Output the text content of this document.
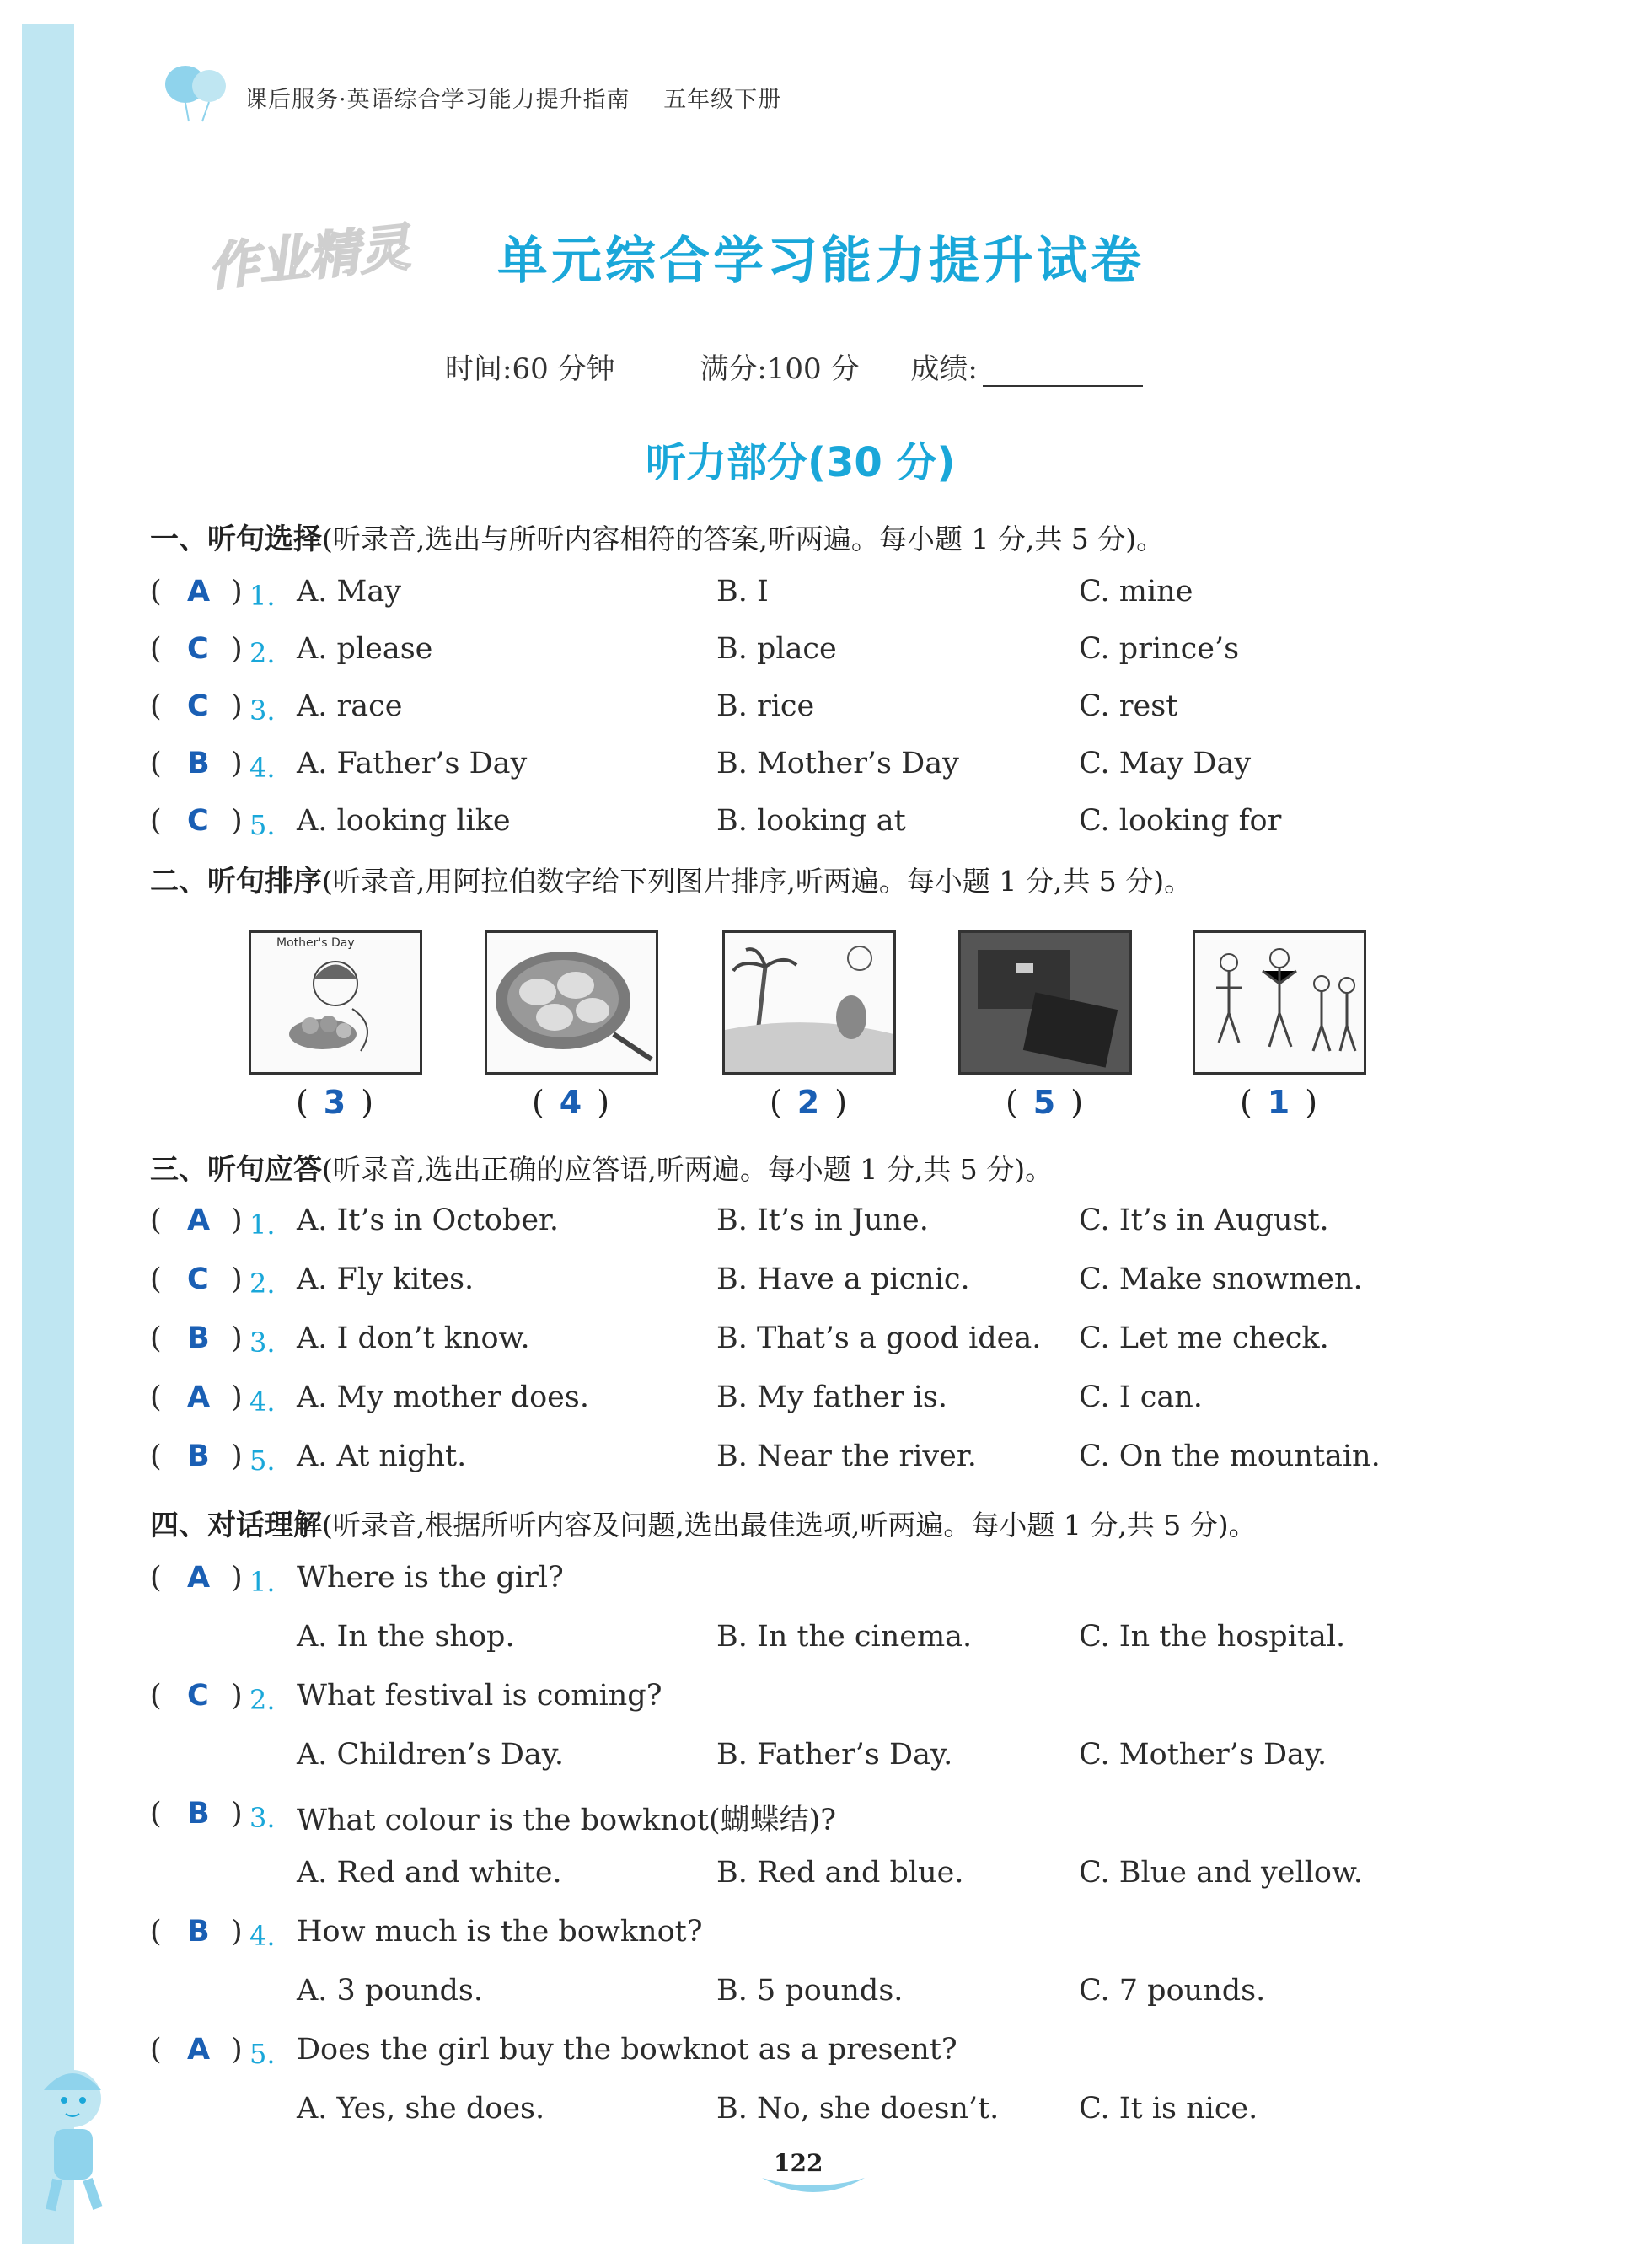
课后服务·英语综合学习能力提升指南 五年级下册
作业精灵 单元综合学习能力提升试卷
时间:60 分钟	满分:100 分 成绩:
听力部分(30 分)
一、听句选择(听录音,选出与所听内容相符的答案,听两遍。每小题 1 分,共 5 分)。
( A ) 1. A. May	B. I	C. mine
( C ) 2. A. please	B. place	C. prince’s
( C ) 3. A. race	B. rice	C. rest
( B ) 4. A. Father’s Day	B. Mother’s Day	C. May Day
( C ) 5. A. looking like	B. looking at	C. looking for
二、听句排序(听录音,用阿拉伯数字给下列图片排序,听两遍。每小题 1 分,共 5 分)。
Mother's Day
( 3 )	( 4 )	( 2 )	( 5 )	( 1 )
三、听句应答(听录音,选出正确的应答语,听两遍。每小题 1 分,共 5 分)。
( A ) 1. A. It’s in October.	B. It’s in June.	C. It’s in August.
( C ) 2. A. Fly kites.	B. Have a picnic.	C. Make snowmen.
( B ) 3. A. I don’t know.	B. That’s a good idea. C. Let me check.
( A ) 4. A. My mother does.	B. My father is.	C. I can.
( B ) 5. A. At night.	B. Near the river.	C. On the mountain.
四、对话理解(听录音,根据所听内容及问题,选出最佳选项,听两遍。每小题 1 分,共 5 分)。
( A ) 1. Where is the girl?
A. In the shop.	B. In the cinema.	C. In the hospital.
( C ) 2. What festival is coming?
A. Children’s Day.	B. Father’s Day.	C. Mother’s Day.
( B ) 3. What colour is the bowknot(蝴蝶结)?
A. Red and white.	B. Red and blue.	C. Blue and yellow.
( B ) 4. How much is the bowknot?
A. 3 pounds.	B. 5 pounds.	C. 7 pounds.
( A ) 5. Does the girl buy the bowknot as a present?
A. Yes, she does.	B. No, she doesn’t.	C. It is nice.
122
